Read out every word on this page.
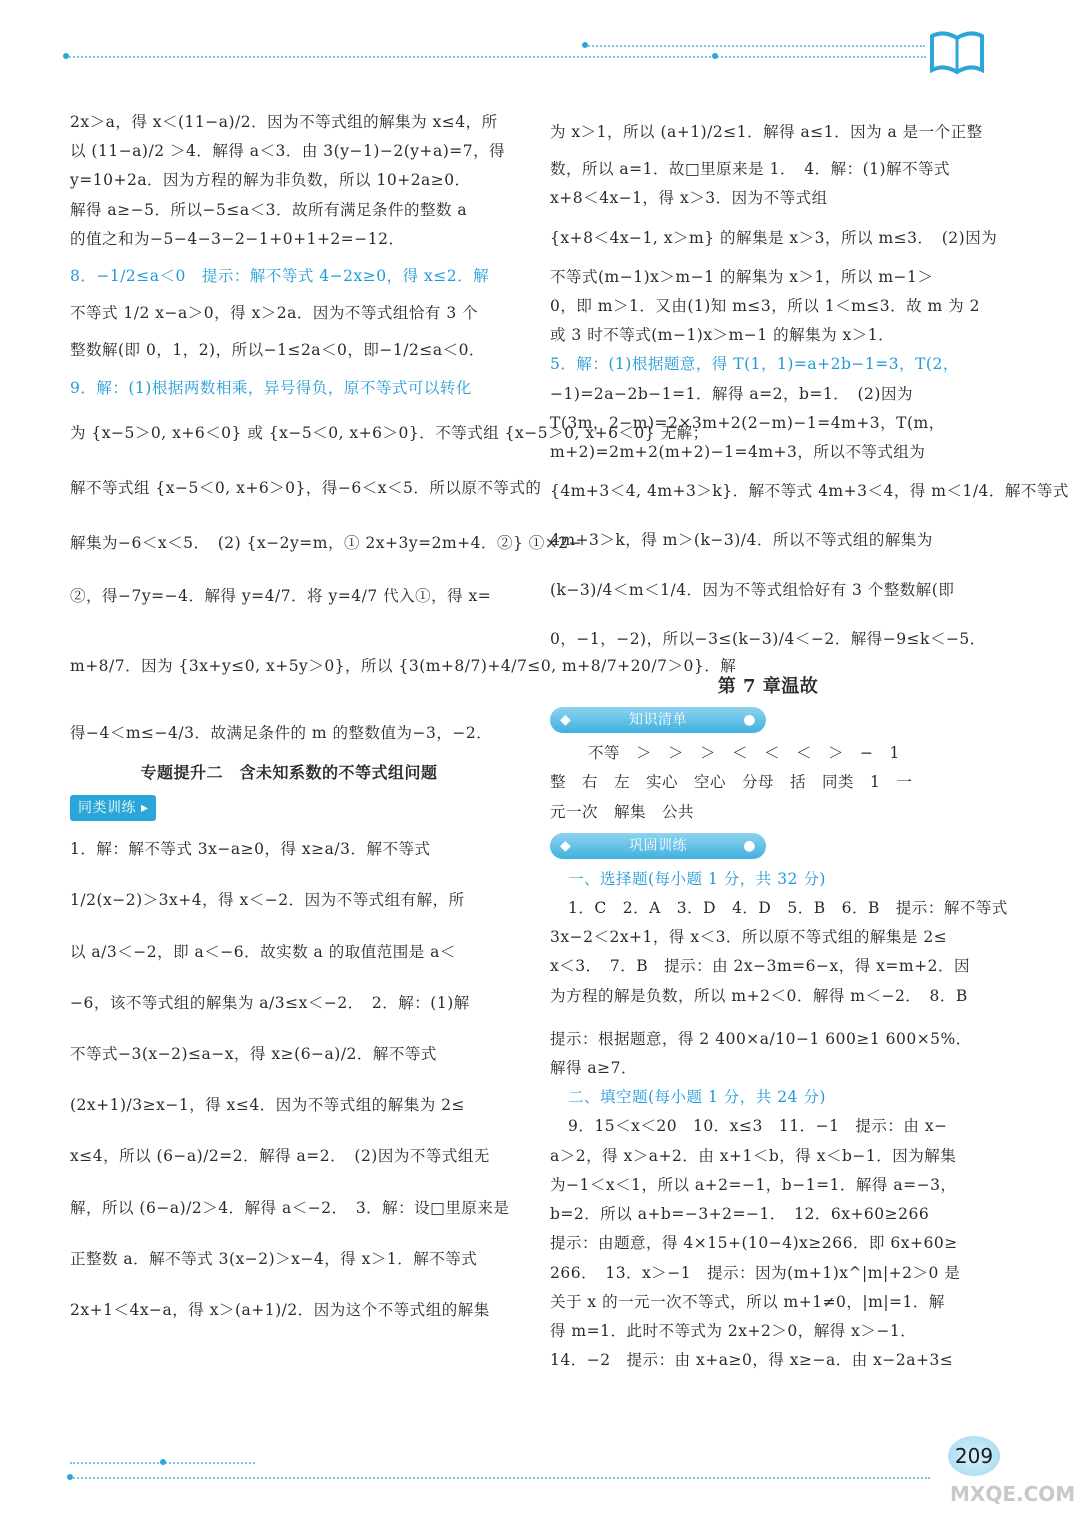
2x＞a，得 x＜(11−a)/2．因为不等式组的解集为 x≤4，所
以 (11−a)/2 ＞4．解得 a＜3．由 3(y−1)−2(y+a)=7，得
y=10+2a．因为方程的解为非负数，所以 10+2a≥0．
解得 a≥−5．所以−5≤a＜3．故所有满足条件的整数 a
的值之和为−5−4−3−2−1+0+1+2=−12．
8．−1/2≤a＜0　提示：解不等式 4−2x≥0，得 x≤2．解
不等式 1/2 x−a＞0，得 x＞2a．因为不等式组恰有 3 个
整数解(即 0，1，2)，所以−1≤2a＜0，即−1/2≤a＜0．
9．解：(1)根据两数相乘，异号得负，原不等式可以转化
为 {x−5＞0, x+6＜0} 或 {x−5＜0, x+6＞0}．不等式组 {x−5＞0, x+6＜0} 无解；
解不等式组 {x−5＜0, x+6＞0}，得−6＜x＜5．所以原不等式的
解集为−6＜x＜5．　(2) {x−2y=m，① 2x+3y=2m+4．②} ①×2−
②，得−7y=−4．解得 y=4/7．将 y=4/7 代入①，得 x=
m+8/7．因为 {3x+y≤0, x+5y＞0}，所以 {3(m+8/7)+4/7≤0, m+8/7+20/7＞0}．解
得−4＜m≤−4/3．故满足条件的 m 的整数值为−3，−2．
专题提升二　含未知系数的不等式组问题
同类训练 ▸
1．解：解不等式 3x−a≥0，得 x≥a/3．解不等式
1/2(x−2)＞3x+4，得 x＜−2．因为不等式组有解，所
以 a/3＜−2，即 a＜−6．故实数 a 的取值范围是 a＜
−6，该不等式组的解集为 a/3≤x＜−2．　2．解：(1)解
不等式−3(x−2)≤a−x，得 x≥(6−a)/2．解不等式
(2x+1)/3≥x−1，得 x≤4．因为不等式组的解集为 2≤
x≤4，所以 (6−a)/2=2．解得 a=2．　(2)因为不等式组无
解，所以 (6−a)/2＞4．解得 a＜−2．　3．解：设□里原来是
正整数 a．解不等式 3(x−2)＞x−4，得 x＞1．解不等式
2x+1＜4x−a，得 x＞(a+1)/2．因为这个不等式组的解集
为 x＞1，所以 (a+1)/2≤1．解得 a≤1．因为 a 是一个正整
数，所以 a=1．故□里原来是 1．　4．解：(1)解不等式
x+8＜4x−1，得 x＞3．因为不等式组
{x+8＜4x−1, x＞m} 的解集是 x＞3，所以 m≤3．　(2)因为
不等式(m−1)x＞m−1 的解集为 x＞1，所以 m−1＞
0，即 m＞1．又由(1)知 m≤3，所以 1＜m≤3．故 m 为 2
或 3 时不等式(m−1)x＞m−1 的解集为 x＞1．
5．解：(1)根据题意，得 T(1，1)=a+2b−1=3，T(2，
−1)=2a−2b−1=1．解得 a=2，b=1．　(2)因为
T(3m，2−m)=2×3m+2(2−m)−1=4m+3，T(m，
m+2)=2m+2(m+2)−1=4m+3，所以不等式组为
{4m+3＜4, 4m+3＞k}．解不等式 4m+3＜4，得 m＜1/4．解不等式
4m+3＞k，得 m＞(k−3)/4．所以不等式组的解集为
(k−3)/4＜m＜1/4．因为不等式组恰好有 3 个整数解(即
0，−1，−2)，所以−3≤(k−3)/4＜−2．解得−9≤k＜−5．
第 7 章温故
◆	知识清单	●
不等　＞　＞　＞　＜　＜　＜　＞　−　1
整　右　左　实心　空心　分母　括　同类　1　一
元一次　解集　公共
◆	巩固训练	●
一、选择题(每小题 1 分，共 32 分)
1．C　2．A　3．D　4．D　5．B　6．B　提示：解不等式
3x−2＜2x+1，得 x＜3．所以原不等式组的解集是 2≤
x＜3．　7．B　提示：由 2x−3m=6−x，得 x=m+2．因
为方程的解是负数，所以 m+2＜0．解得 m＜−2．　8．B
提示：根据题意，得 2 400×a/10−1 600≥1 600×5%．
解得 a≥7．
二、填空题(每小题 1 分，共 24 分)
9．15＜x＜20　10．x≤3　11．−1　提示：由 x−
a＞2，得 x＞a+2．由 x+1＜b，得 x＜b−1．因为解集
为−1＜x＜1，所以 a+2=−1，b−1=1．解得 a=−3，
b=2．所以 a+b=−3+2=−1．　12．6x+60≥266
提示：由题意，得 4×15+(10−4)x≥266．即 6x+60≥
266．　13．x＞−1　提示：因为(m+1)x^|m|+2＞0 是
关于 x 的一元一次不等式，所以 m+1≠0，|m|=1．解
得 m=1．此时不等式为 2x+2＞0，解得 x＞−1．
14．−2　提示：由 x+a≥0，得 x≥−a．由 x−2a+3≤
209
MXQE.COM
